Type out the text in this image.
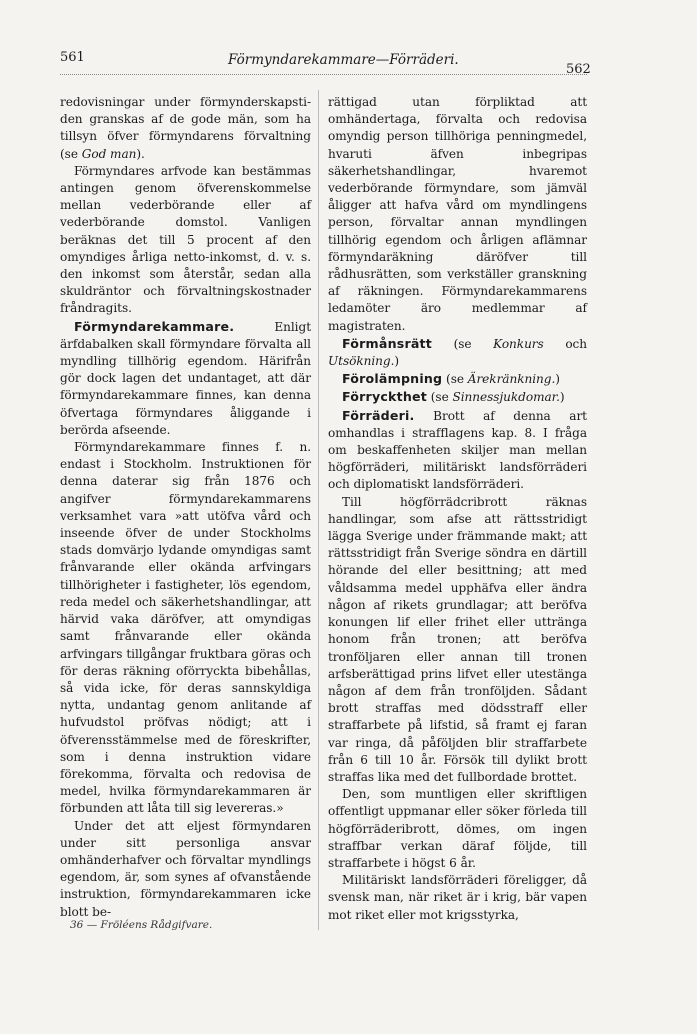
561	Förmyndarekammare—Förräderi.
562

redovisningar under förmynderskapsti-den granskas af de gode män, som ha tillsyn öfver förmyndarens förvaltning (se God man).

Förmyndares arfvode kan bestämmas antingen genom öfverenskommelse mellan vederbörande eller af vederbörande domstol. Vanligen beräknas det till 5 procent af den omyndiges årliga netto-inkomst, d. v. s. den inkomst som återstår, sedan alla skuldräntor och förvaltningskostnader fråndragits.

Förmyndarekammare.	Enligt ärfdabalken skall förmyndare förvalta all myndling tillhörig egendom. Härifrån gör dock lagen det undantaget, att där förmyndarekammare finnes, kan denna öfvertaga förmyndares åliggande i berörda afseende.

Förmyndarekammare finnes f. n. endast i Stockholm. Instruktionen för denna daterar sig från 1876 och angifver förmyndarekammarens verksamhet vara »att utöfva vård och inseende öfver de under Stockholms stads domvärjo lydande omyndigas samt frånvarande eller okända arfvingars tillhörigheter i fastigheter, lös egendom, reda medel och säkerhetshandlingar, att härvid vaka däröfver, att omyndigas samt frånvarande eller okända arfvingars tillgångar fruktbara göras och för deras räkning oförryckta bibehållas, så vida icke, för deras sannskyldiga nytta, undantag genom anlitande af hufvudstol pröfvas nödigt; att i öfverensstämmelse med de föreskrifter, som i denna instruktion vidare förekomma, förvalta och redovisa de medel, hvilka förmyndarekammaren är förbunden att låta till sig levereras.»

Under det att eljest förmyndaren under sitt personliga ansvar omhänderhafver och förvaltar myndlings egendom, är, som synes af ofvanstående instruktion, förmyndarekammaren icke blott be-

rättigad utan förpliktad att omhändertaga, förvalta och redovisa omyndig person tillhöriga penningmedel, hvaruti äfven inbegripas säkerhetshandlingar, hvaremot vederbörande förmyndare, som jämväl åligger att hafva vård om myndlingens person, förvaltar annan myndlingen tillhörig egendom och årligen aflämnar förmyndaräkning däröfver till rådhusrätten, som verkställer granskning af räkningen. Förmyndarekammarens ledamöter äro medlemmar af magistraten.

Förmånsrätt (se Konkurs och Utsökning.)

Förolämpning (se Ärekränkning.)

Förryckthet (se Sinnessjukdomar.)

Förräderi. Brott af denna art omhandlas i strafflagens kap. 8. I fråga om beskaffenheten skiljer man mellan högförräderi, militäriskt landsförräderi och diplomatiskt landsförräderi.

Till högförrädcribrott räknas handlingar, som afse att rättsstridigt lägga Sverige under främmande makt; att rättsstridigt från Sverige söndra en därtill hörande del eller besittning; att med våldsamma medel upphäfva eller ändra någon af rikets grundlagar; att beröfva konungen lif eller frihet eller uttränga honom från tronen; att beröfva tronföljaren eller annan till tronen arfsberättigad prins lifvet eller utestänga någon af dem från tronföljden. Sådant brott straffas med dödsstraff eller straffarbete på lifstid, så framt ej faran var ringa, då påföljden blir straffarbete från 6 till 10 år. Försök till dylikt brott straffas lika med det fullbordade brottet.

Den, som muntligen eller skriftligen offentligt uppmanar eller söker förleda till högförräderibrott, dömes, om ingen straffbar verkan däraf följde, till straffarbete i högst 6 år.

Militäriskt landsförräderi föreligger, då svensk man, när riket är i krig, bär vapen mot riket eller mot krigsstyrka,

36 — Fröléens Rådgifvare.
